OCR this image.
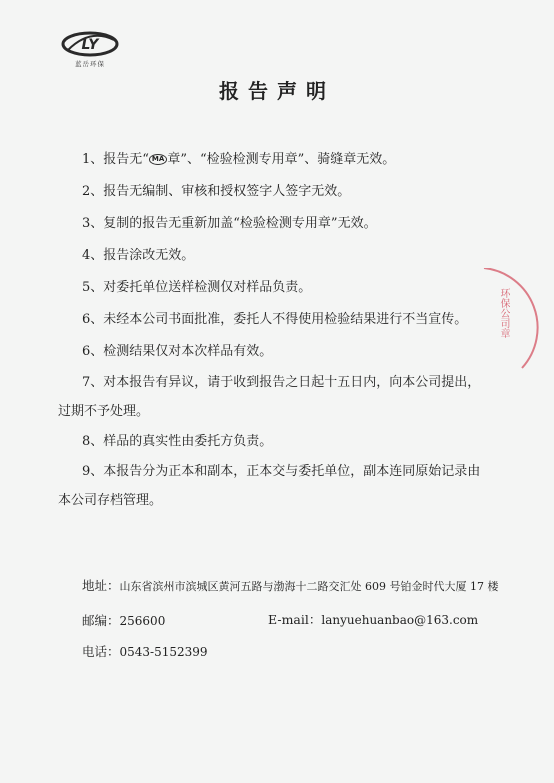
LY
蓝岳环保
报告声明
1、报告无“ MA 章”、“检验检测专用章”、骑缝章无效。
2、报告无编制、审核和授权签字人签字无效。
3、复制的报告无重新加盖“检验检测专用章”无效。
4、报告涂改无效。
5、对委托单位送样检测仅对样品负责。
6、未经本公司书面批准，委托人不得使用检验结果进行不当宣传。
6、检测结果仅对本次样品有效。
7、对本报告有异议，请于收到报告之日起十五日内，向本公司提出，
过期不予处理。
8、样品的真实性由委托方负责。
9、本报告分为正本和副本，正本交与委托单位，副本连同原始记录由
本公司存档管理。
环保公司章
地址：山东省滨州市滨城区黄河五路与渤海十二路交汇处 609 号铂金时代大厦 17 楼
邮编：256600	E-mail：lanyuehuanbao@163.com
电话：0543-5152399
